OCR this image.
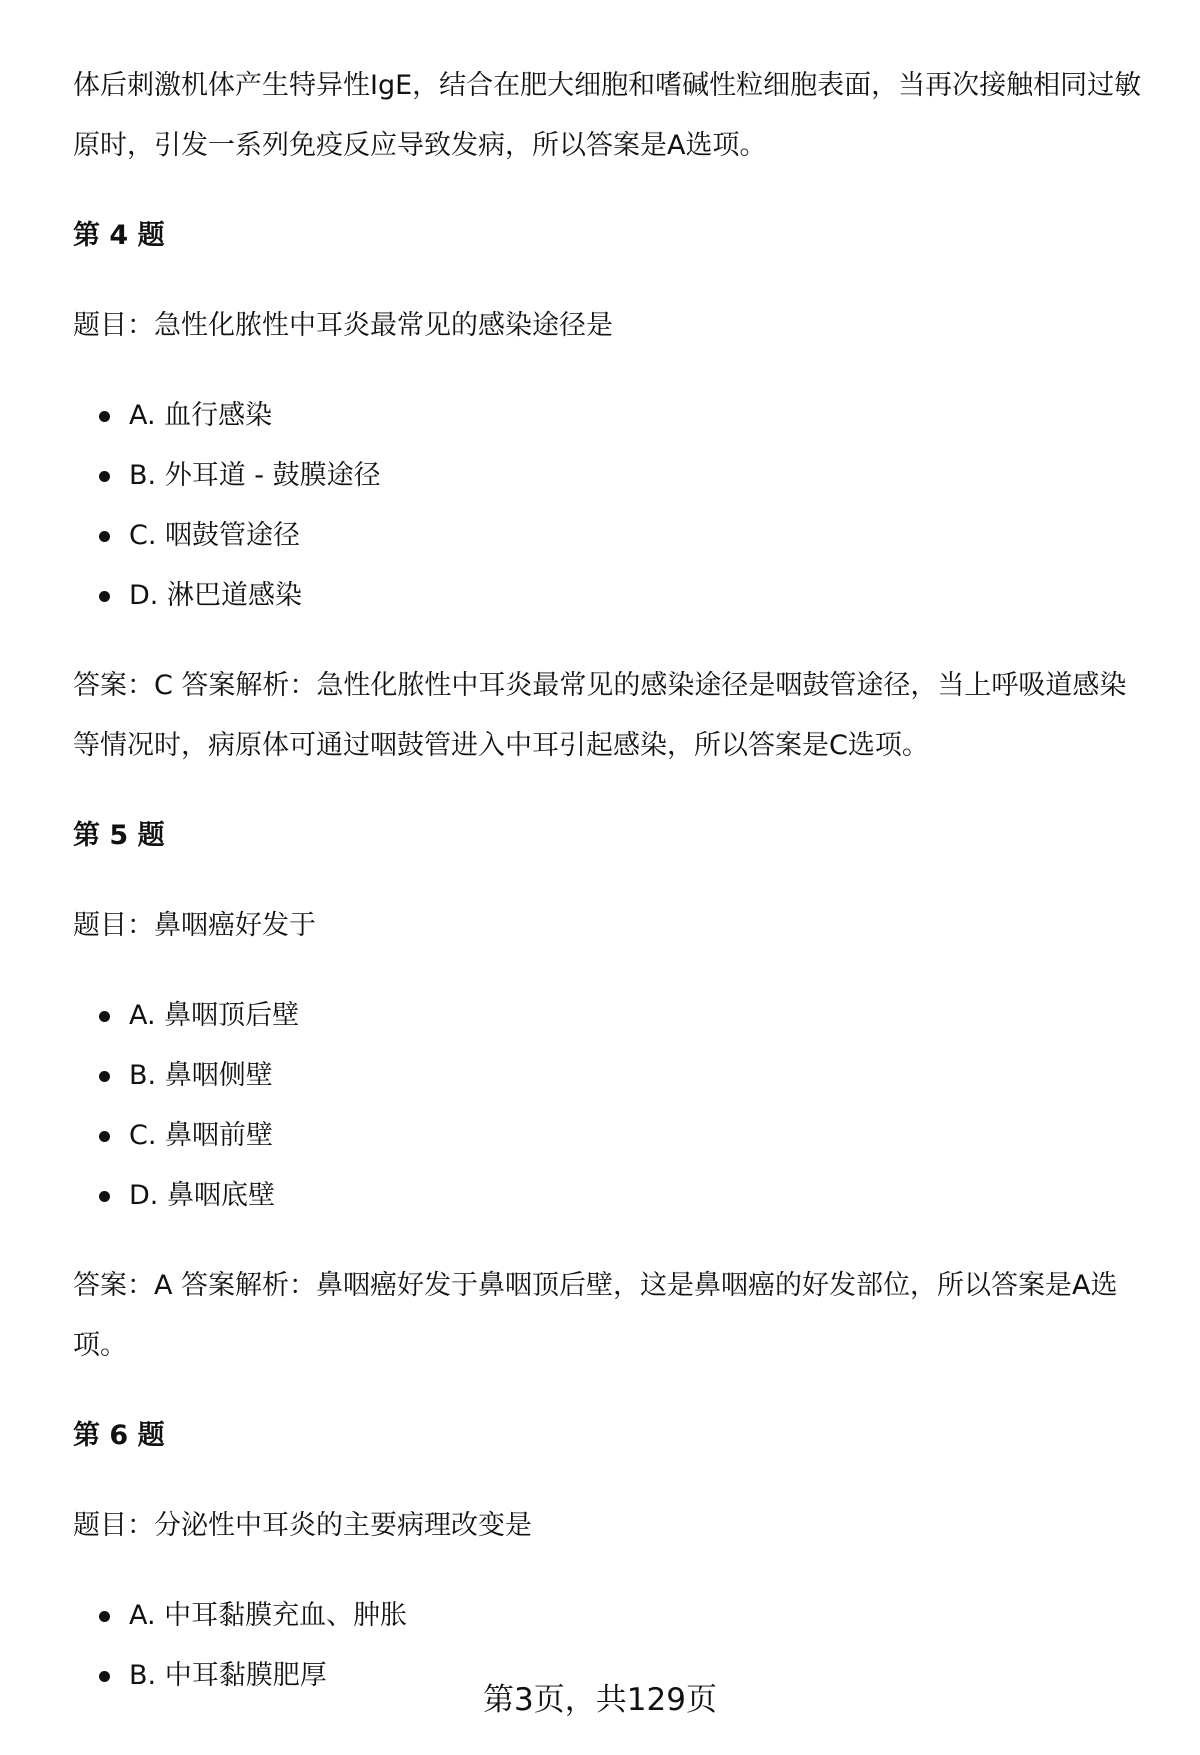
体后刺激机体产生特异性IgE，结合在肥大细胞和嗜碱性粒细胞表面，当再次接触相同过敏原时，引发一系列免疫反应导致发病，所以答案是A选项。

第 4 题

题目：急性化脓性中耳炎最常见的感染途径是

A. 血行感染
B. 外耳道 - 鼓膜途径
C. 咽鼓管途径
D. 淋巴道感染

答案：C 答案解析：急性化脓性中耳炎最常见的感染途径是咽鼓管途径，当上呼吸道感染等情况时，病原体可通过咽鼓管进入中耳引起感染，所以答案是C选项。

第 5 题

题目：鼻咽癌好发于

A. 鼻咽顶后壁
B. 鼻咽侧壁
C. 鼻咽前壁
D. 鼻咽底壁

答案：A 答案解析：鼻咽癌好发于鼻咽顶后壁，这是鼻咽癌的好发部位，所以答案是A选项。

第 6 题

题目：分泌性中耳炎的主要病理改变是

A. 中耳黏膜充血、肿胀
B. 中耳黏膜肥厚
第3页，共129页
